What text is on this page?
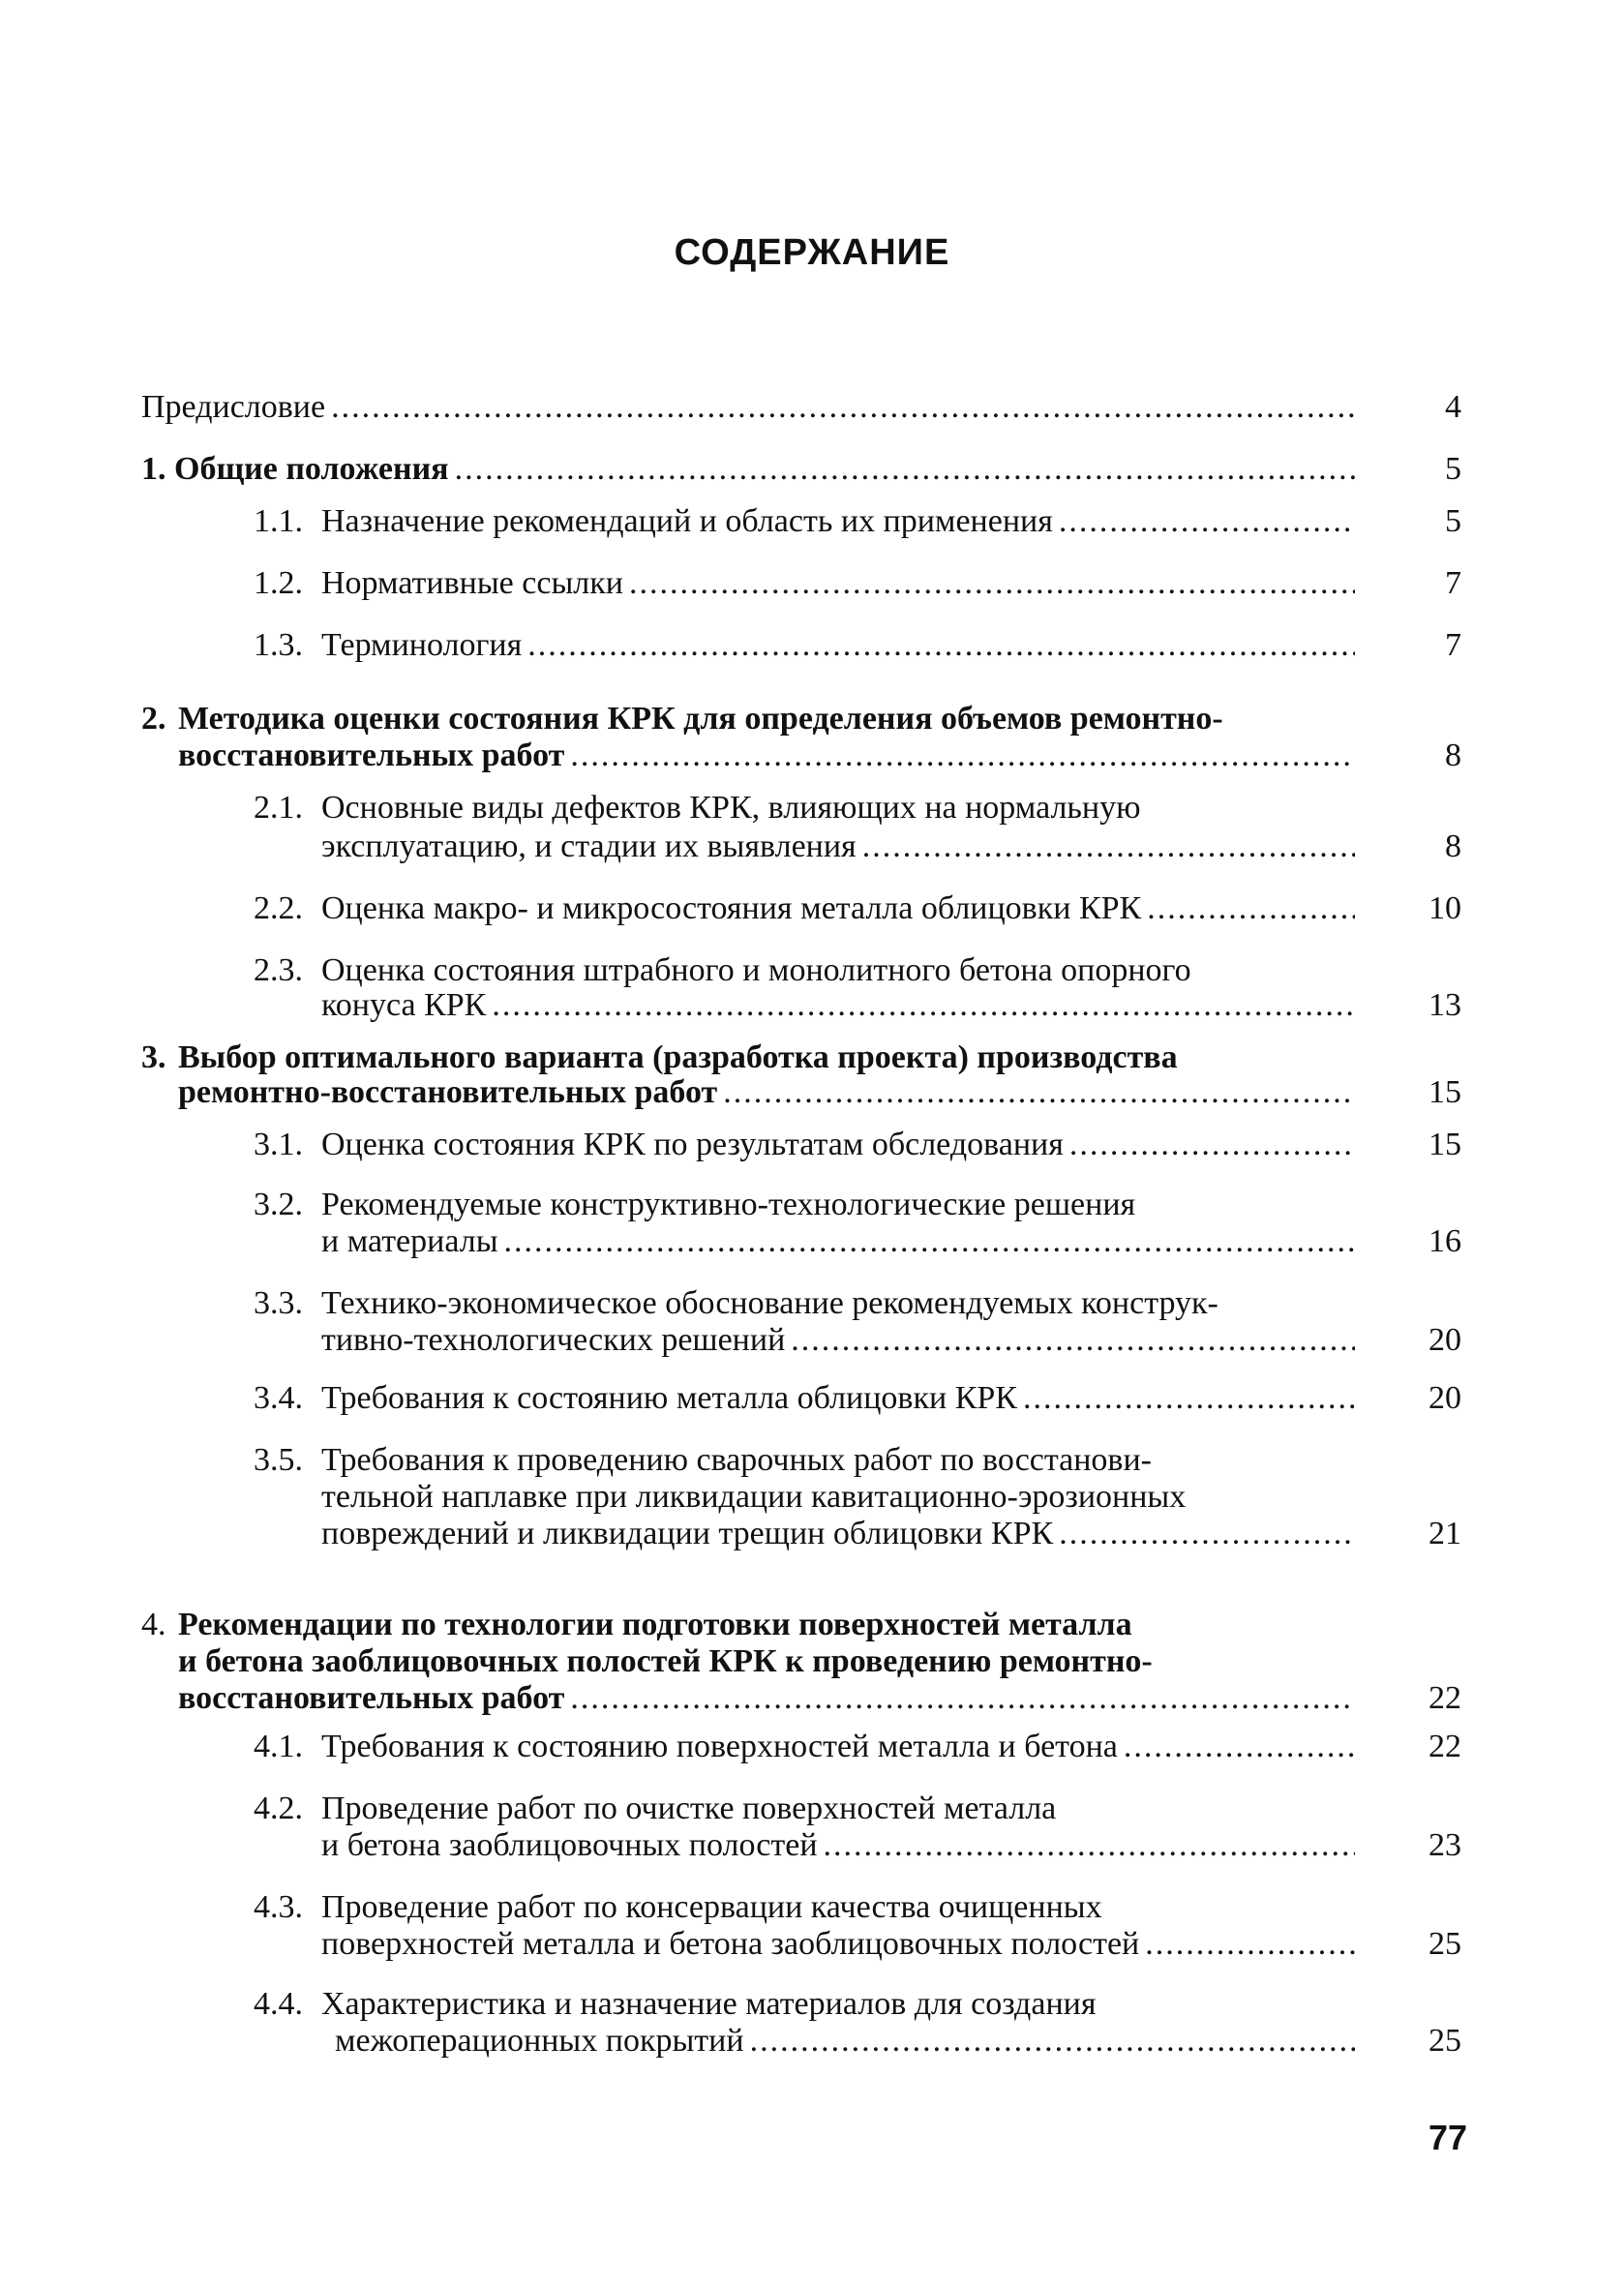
СОДЕРЖАНИЕ
Предисловие .....	4
1. Общие положения .....	5
1.1. Назначение рекомендаций и область их применения .....	5
1.2. Нормативные ссылки .....	7
1.3. Терминология .....	7
2. Методика оценки состояния КРК для определения объемов ремонтно-
восстановительных работ .....	8
2.1. Основные виды дефектов КРК, влияющих на нормальную
эксплуатацию, и стадии их выявления .....	8
2.2. Оценка макро- и микросостояния металла облицовки КРК .....	10
2.3. Оценка состояния штрабного и монолитного бетона опорного
конуса КРК .....	13
3. Выбор оптимального варианта (разработка проекта) производства
ремонтно-восстановительных работ .....	15
3.1. Оценка состояния КРК по результатам обследования .....	15
3.2. Рекомендуемые конструктивно-технологические решения
и материалы .....	16
3.3. Технико-экономическое обоснование рекомендуемых конструк-
тивно-технологических решений .....	20
3.4. Требования к состоянию металла облицовки КРК .....	20
3.5. Требования к проведению сварочных работ по восстанови-
тельной наплавке при ликвидации кавитационно-эрозионных
повреждений и ликвидации трещин облицовки КРК .....	21
4. Рекомендации по технологии подготовки поверхностей металла
и бетона заоблицовочных полостей КРК к проведению ремонтно-
восстановительных работ .....	22
4.1. Требования к состоянию поверхностей металла и бетона .....	22
4.2. Проведение работ по очистке поверхностей металла
и бетона заоблицовочных полостей .....	23
4.3. Проведение работ по консервации качества очищенных
поверхностей металла и бетона заоблицовочных полостей .....	25
4.4. Характеристика и назначение материалов для создания
межоперационных покрытий .....	25
77
